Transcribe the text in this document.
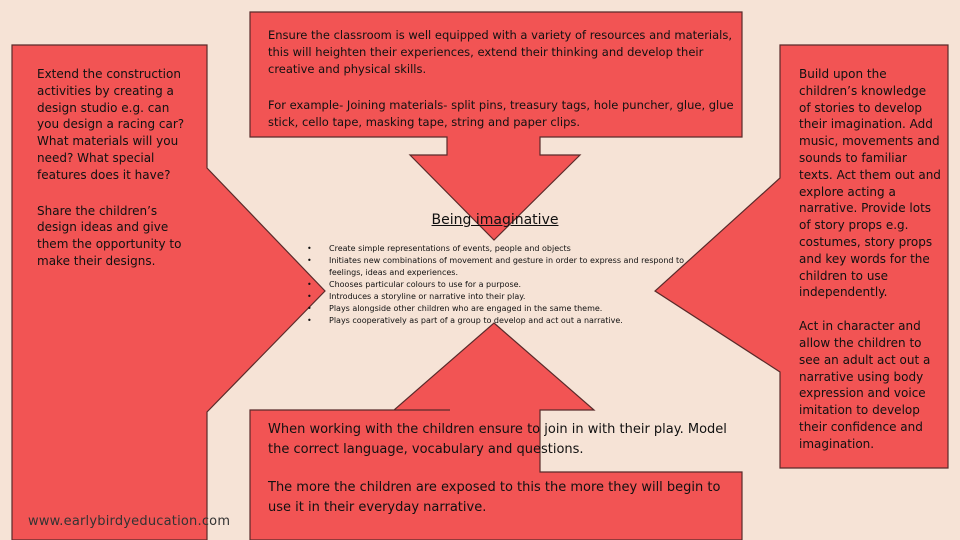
Extend the construction activities by creating a design studio e.g. can you design a racing car? What materials will you need? What special features does it have?

Share the children’s design ideas and give them the opportunity to make their designs.

Ensure the classroom is well equipped with a variety of resources and materials, this will heighten their experiences, extend their thinking and develop their creative and physical skills.

For example- Joining materials- split pins, treasury tags, hole puncher, glue, glue stick, cello tape, masking tape, string and paper clips.

Build upon the children’s knowledge of stories to develop their imagination. Add music, movements and sounds to familiar texts. Act them out and explore acting a narrative. Provide lots of story props e.g. costumes, story props and key words for the children to use independently.

Act in character and allow the children to see an adult act out a narrative using body expression and voice imitation to develop their confidence and imagination.

Being imaginative
• Create simple representations of events, people and objects
• Initiates new combinations of movement and gesture in order to express and respond to feelings, ideas and experiences.
• Chooses particular colours to use for a purpose.
• Introduces a storyline or narrative into their play.
• Plays alongside other children who are engaged in the same theme.
• Plays cooperatively as part of a group to develop and act out a narrative.

When working with the children ensure to join in with their play. Model the correct language, vocabulary and questions.

The more the children are exposed to this the more they will begin to use it in their everyday narrative.

www.earlybirdyeducation.com
